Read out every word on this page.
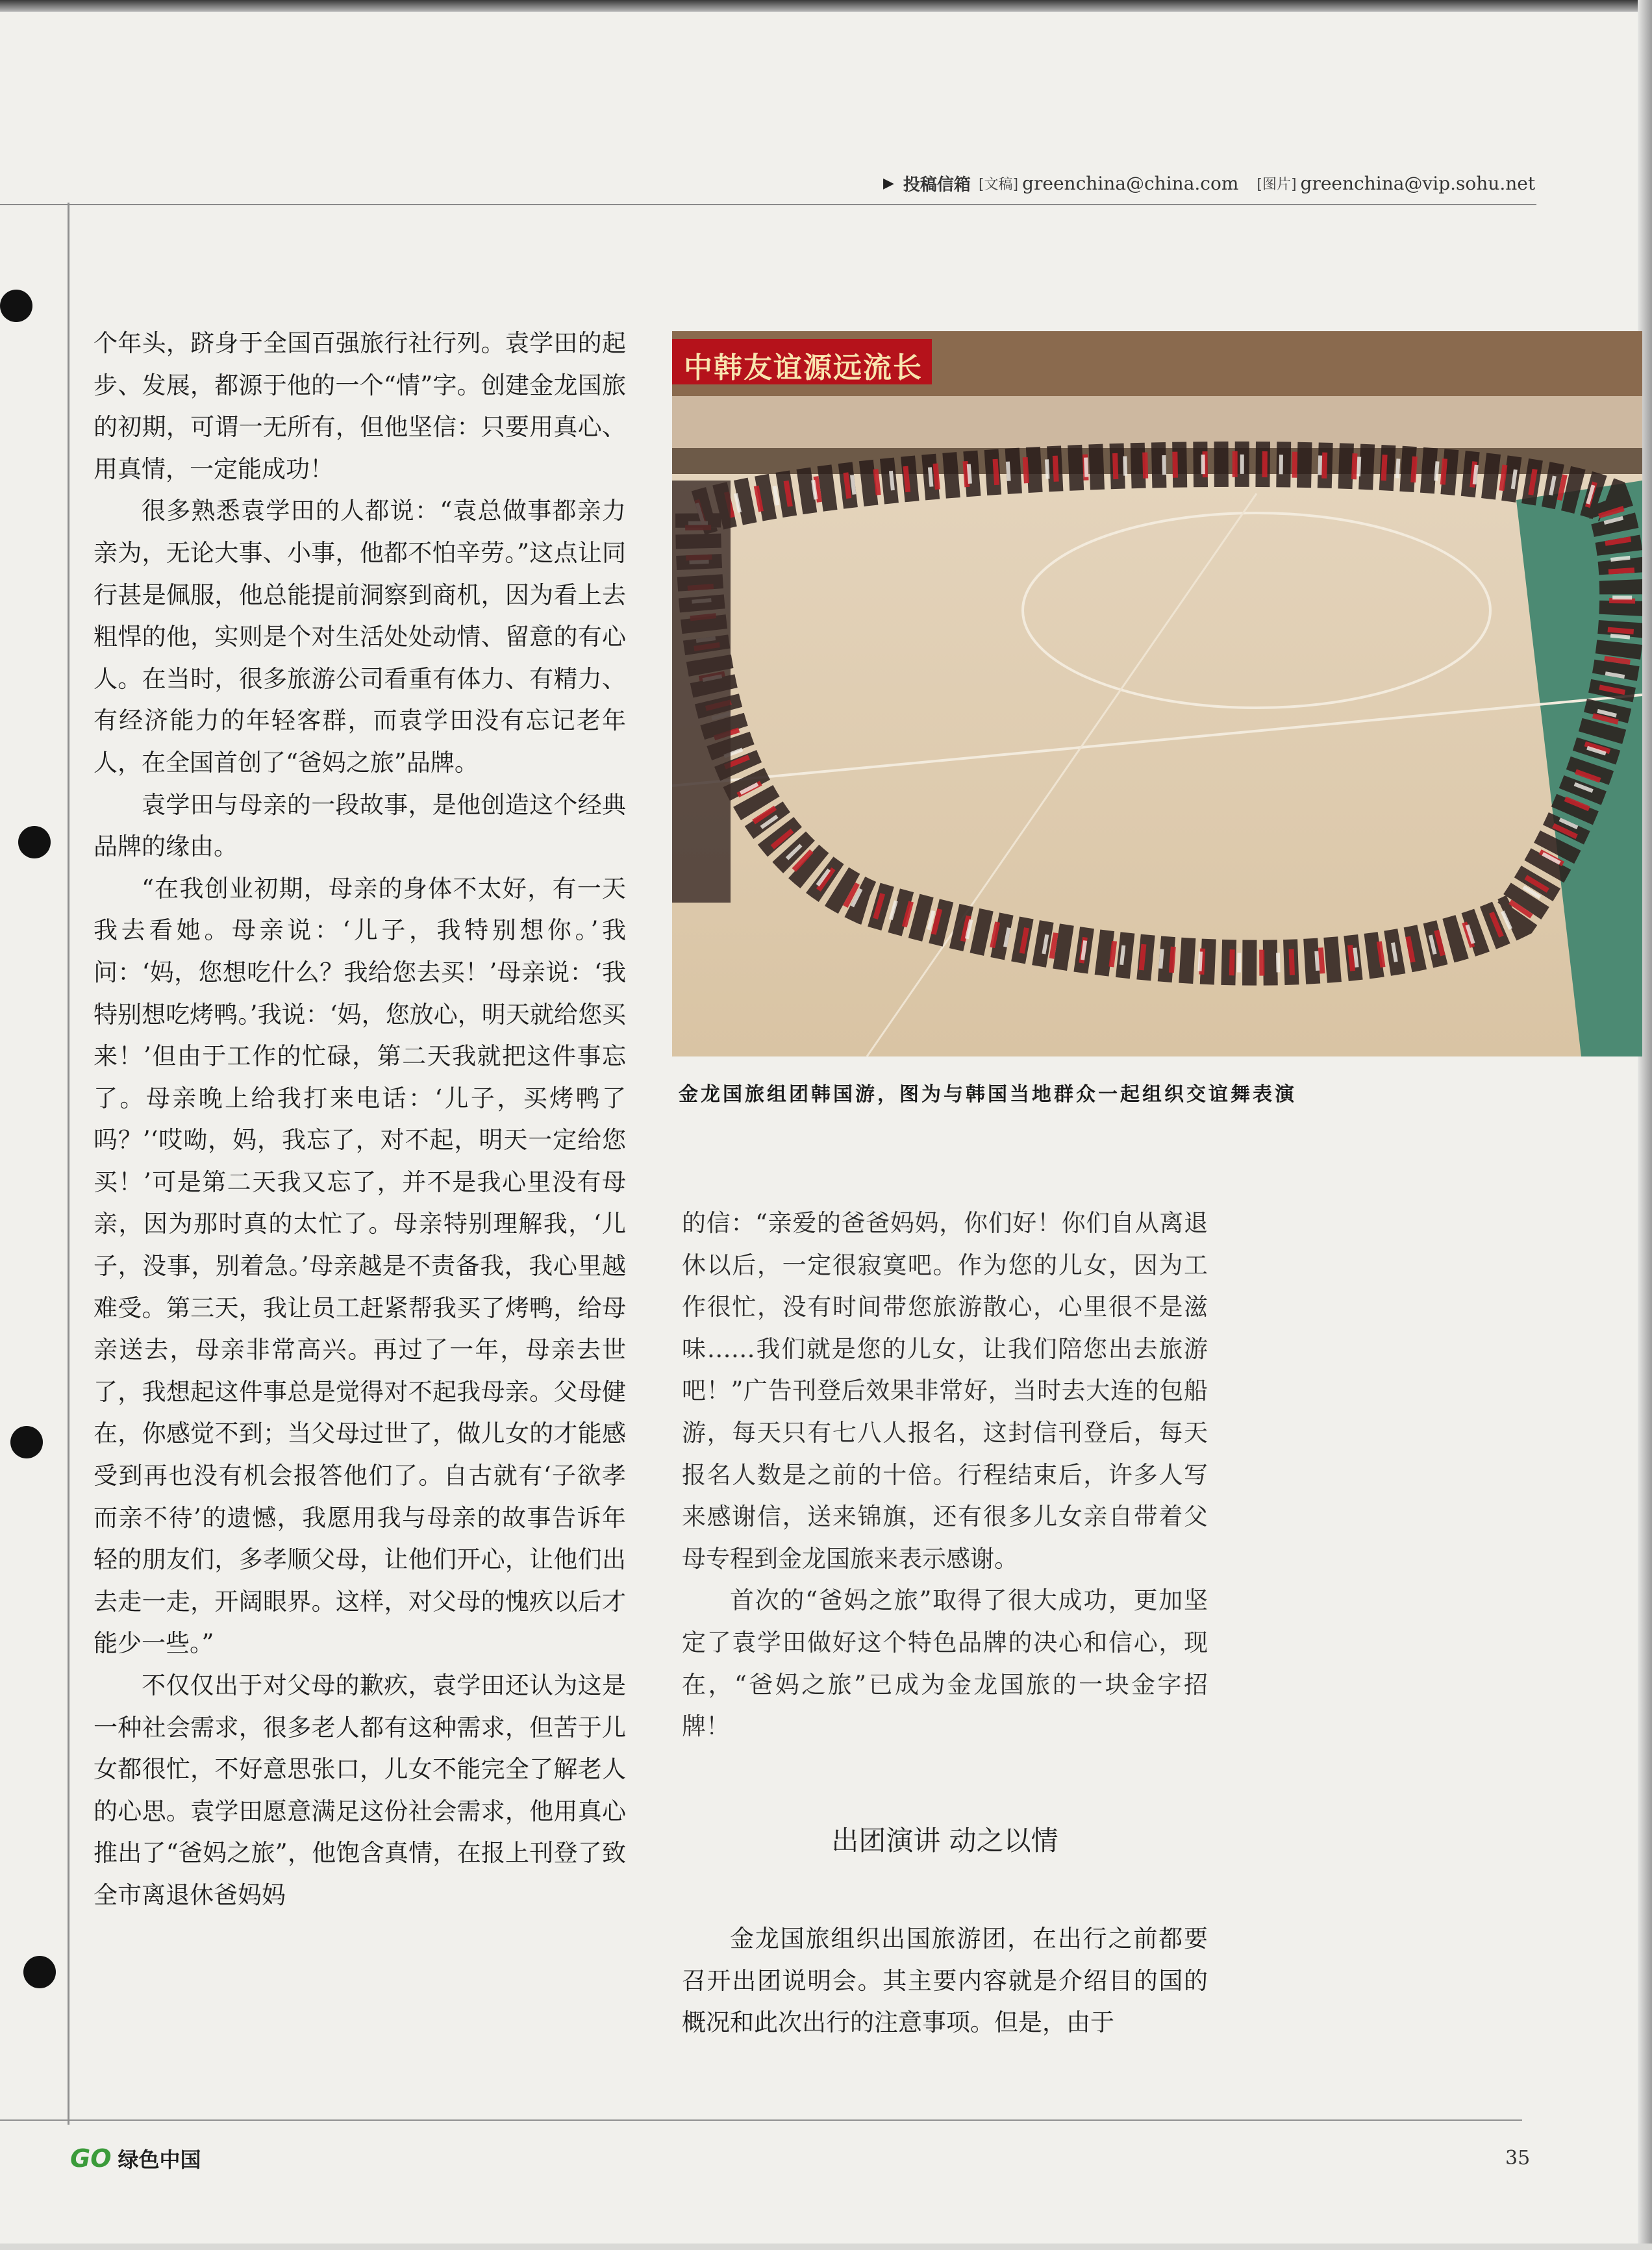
▶ 投稿信箱 [文稿] greenchina@china.com [图片] greenchina@vip.sohu.net

个年头，跻身于全国百强旅行社行列。袁学田的起步、发展，都源于他的一个“情”字。创建金龙国旅的初期，可谓一无所有，但他坚信：只要用真心、用真情，一定能成功！

很多熟悉袁学田的人都说：“袁总做事都亲力亲为，无论大事、小事，他都不怕辛劳。”这点让同行甚是佩服，他总能提前洞察到商机，因为看上去粗悍的他，实则是个对生活处处动情、留意的有心人。在当时，很多旅游公司看重有体力、有精力、有经济能力的年轻客群，而袁学田没有忘记老年人，在全国首创了“爸妈之旅”品牌。

袁学田与母亲的一段故事，是他创造这个经典品牌的缘由。

“在我创业初期，母亲的身体不太好，有一天我去看她。母亲说：‘儿子，我特别想你。’我问：‘妈，您想吃什么？我给您去买！’母亲说：‘我特别想吃烤鸭。’我说：‘妈，您放心，明天就给您买来！’但由于工作的忙碌，第二天我就把这件事忘了。母亲晚上给我打来电话：‘儿子，买烤鸭了吗？’‘哎呦，妈，我忘了，对不起，明天一定给您买！’可是第二天我又忘了，并不是我心里没有母亲，因为那时真的太忙了。母亲特别理解我，‘儿子，没事，别着急。’母亲越是不责备我，我心里越难受。第三天，我让员工赶紧帮我买了烤鸭，给母亲送去，母亲非常高兴。再过了一年，母亲去世了，我想起这件事总是觉得对不起我母亲。父母健在，你感觉不到；当父母过世了，做儿女的才能感受到再也没有机会报答他们了。自古就有‘子欲孝而亲不待’的遗憾，我愿用我与母亲的故事告诉年轻的朋友们，多孝顺父母，让他们开心，让他们出去走一走，开阔眼界。这样，对父母的愧疚以后才能少一些。”

不仅仅出于对父母的歉疚，袁学田还认为这是一种社会需求，很多老人都有这种需求，但苦于儿女都很忙，不好意思张口，儿女不能完全了解老人的心思。袁学田愿意满足这份社会需求，他用真心推出了“爸妈之旅”，他饱含真情，在报上刊登了致全市离退休爸妈妈

中韩友谊源远流长
金龙国旅组团韩国游，图为与韩国当地群众一起组织交谊舞表演

的信：“亲爱的爸爸妈妈，你们好！你们自从离退休以后，一定很寂寞吧。作为您的儿女，因为工作很忙，没有时间带您旅游散心，心里很不是滋味……我们就是您的儿女，让我们陪您出去旅游吧！”广告刊登后效果非常好，当时去大连的包船游，每天只有七八人报名，这封信刊登后，每天报名人数是之前的十倍。行程结束后，许多人写来感谢信，送来锦旗，还有很多儿女亲自带着父母专程到金龙国旅来表示感谢。

首次的“爸妈之旅”取得了很大成功，更加坚定了袁学田做好这个特色品牌的决心和信心，现在，“爸妈之旅”已成为金龙国旅的一块金字招牌！

出团演讲 动之以情

金龙国旅组织出国旅游团，在出行之前都要召开出团说明会。其主要内容就是介绍目的国的概况和此次出行的注意事项。但是，由于

GO 绿色中国	35
